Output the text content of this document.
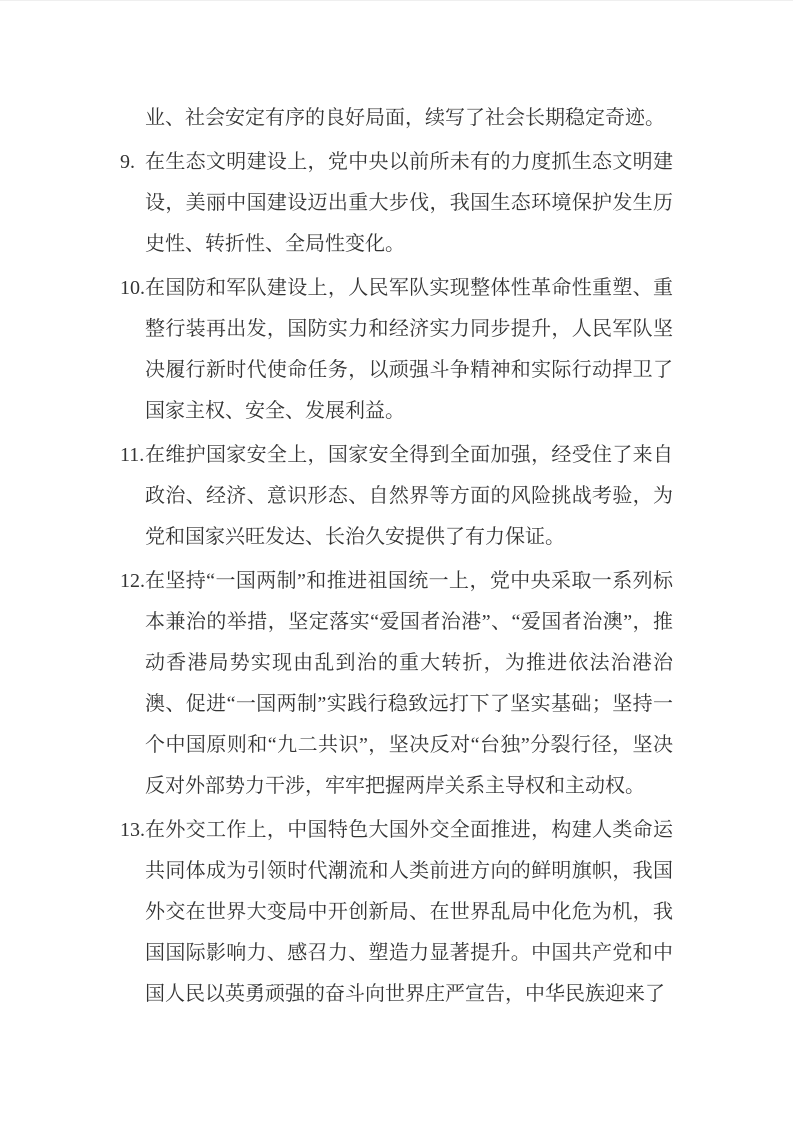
业、社会安定有序的良好局面，续写了社会长期稳定奇迹。

9. 在生态文明建设上，党中央以前所未有的力度抓生态文明建设，美丽中国建设迈出重大步伐，我国生态环境保护发生历史性、转折性、全局性变化。

10. 在国防和军队建设上，人民军队实现整体性革命性重塑、重整行装再出发，国防实力和经济实力同步提升，人民军队坚决履行新时代使命任务，以顽强斗争精神和实际行动捍卫了国家主权、安全、发展利益。

11. 在维护国家安全上，国家安全得到全面加强，经受住了来自政治、经济、意识形态、自然界等方面的风险挑战考验，为党和国家兴旺发达、长治久安提供了有力保证。

12. 在坚持“一国两制”和推进祖国统一上，党中央采取一系列标本兼治的举措，坚定落实“爱国者治港”、“爱国者治澳”，推动香港局势实现由乱到治的重大转折，为推进依法治港治澳、促进“一国两制”实践行稳致远打下了坚实基础；坚持一个中国原则和“九二共识”，坚决反对“台独”分裂行径，坚决反对外部势力干涉，牢牢把握两岸关系主导权和主动权。

13. 在外交工作上，中国特色大国外交全面推进，构建人类命运共同体成为引领时代潮流和人类前进方向的鲜明旗帜，我国外交在世界大变局中开创新局、在世界乱局中化危为机，我国国际影响力、感召力、塑造力显著提升。中国共产党和中国人民以英勇顽强的奋斗向世界庄严宣告，中华民族迎来了
